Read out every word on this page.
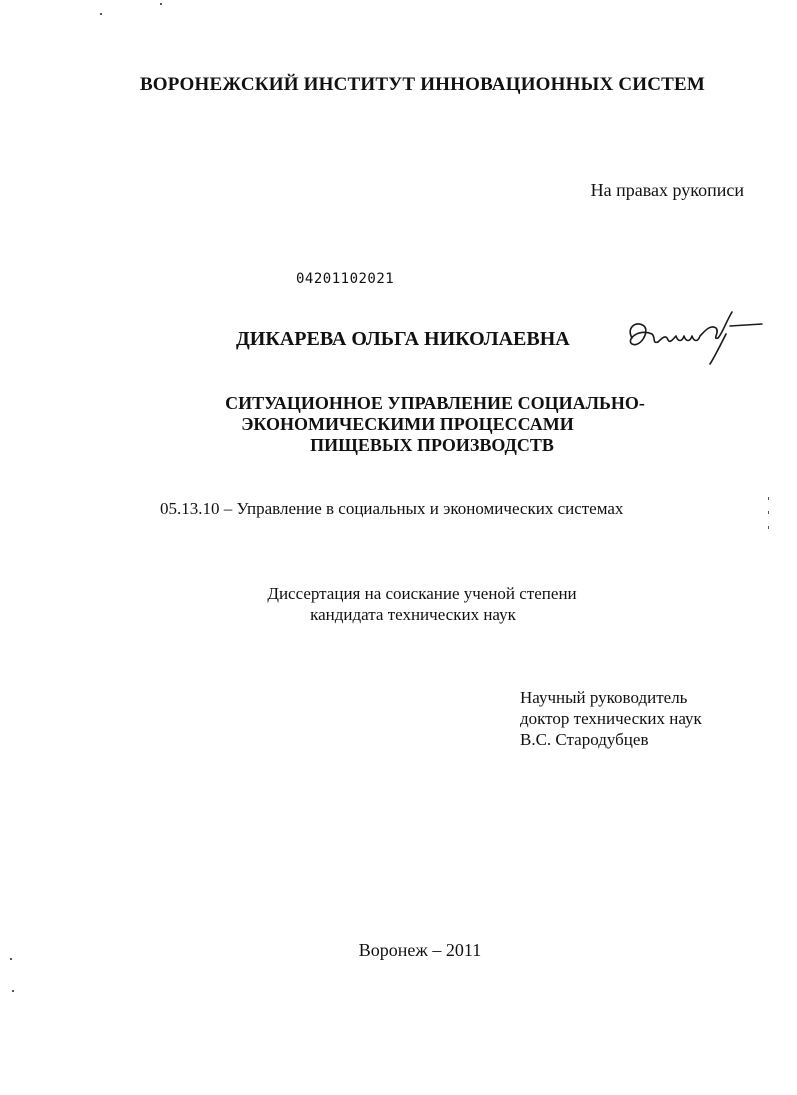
ВОРОНЕЖСКИЙ ИНСТИТУТ ИННОВАЦИОННЫХ СИСТЕМ
На правах рукописи
04201102021
ДИКАРЕВА ОЛЬГА НИКОЛАЕВНА
СИТУАЦИОННОЕ УПРАВЛЕНИЕ СОЦИАЛЬНО-
ЭКОНОМИЧЕСКИМИ ПРОЦЕССАМИ
ПИЩЕВЫХ ПРОИЗВОДСТВ
05.13.10 – Управление в социальных и экономических системах
Диссертация на соискание ученой степени
кандидата технических наук
Научный руководитель
доктор технических наук
В.С. Стародубцев
Воронеж – 2011
